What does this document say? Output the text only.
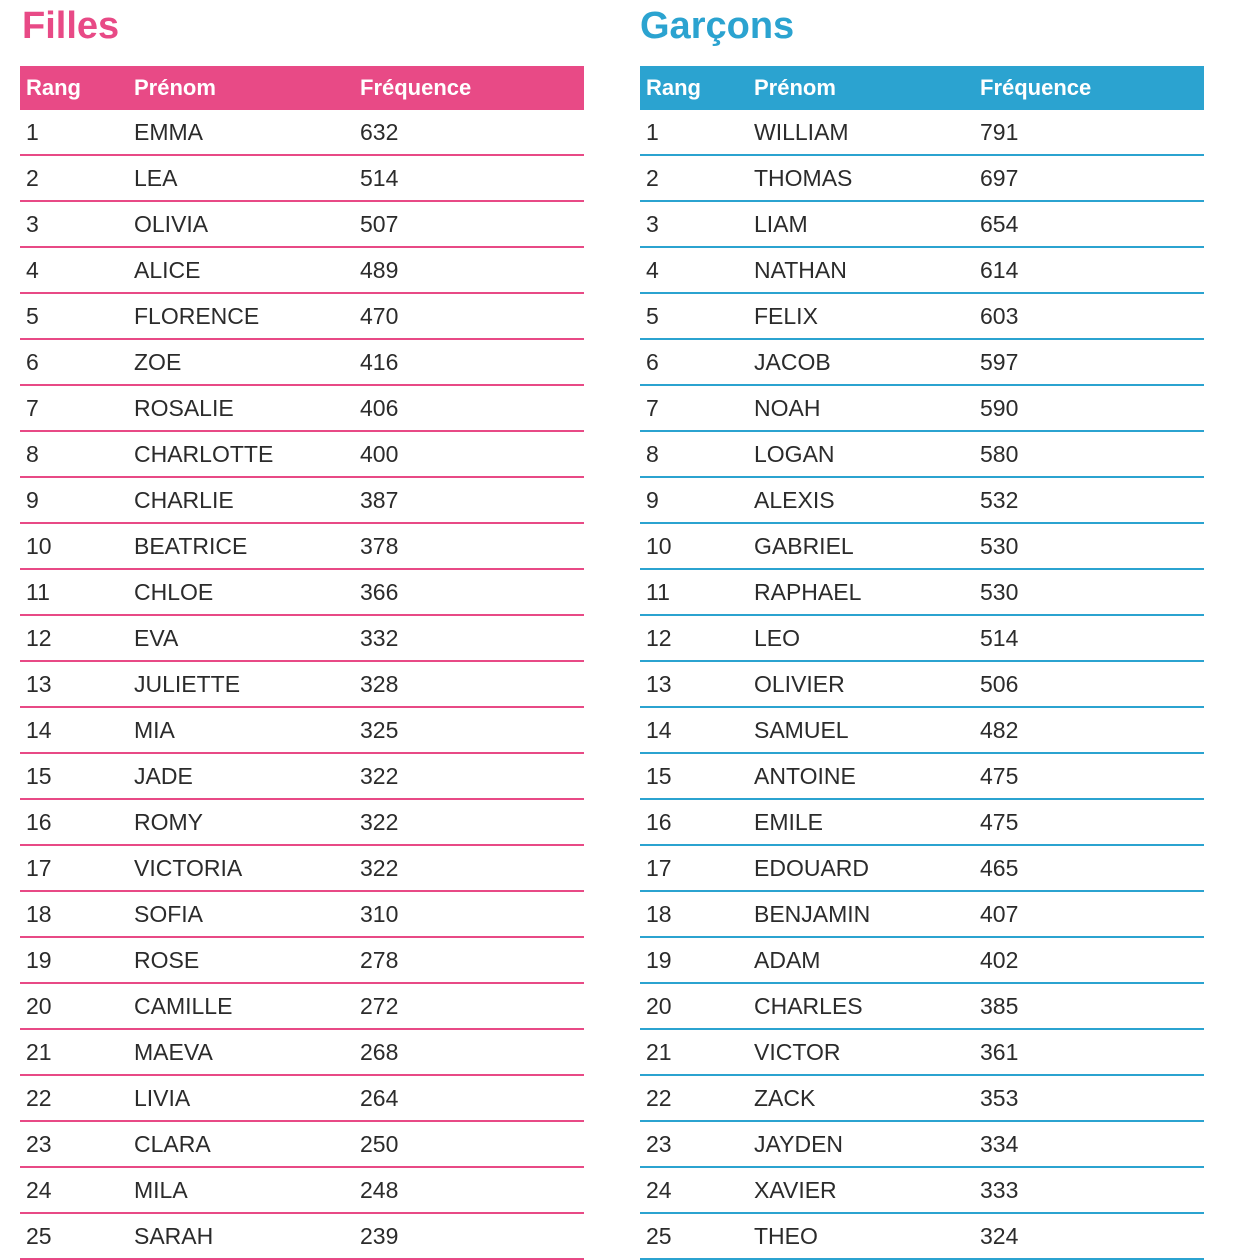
Filles
Rang	Prénom	Fréquence
1	EMMA	632
2	LEA	514
3	OLIVIA	507
4	ALICE	489
5	FLORENCE	470
6	ZOE	416
7	ROSALIE	406
8	CHARLOTTE	400
9	CHARLIE	387
10	BEATRICE	378
11	CHLOE	366
12	EVA	332
13	JULIETTE	328
14	MIA	325
15	JADE	322
16	ROMY	322
17	VICTORIA	322
18	SOFIA	310
19	ROSE	278
20	CAMILLE	272
21	MAEVA	268
22	LIVIA	264
23	CLARA	250
24	MILA	248
25	SARAH	239
Garçons
Rang	Prénom	Fréquence
1	WILLIAM	791
2	THOMAS	697
3	LIAM	654
4	NATHAN	614
5	FELIX	603
6	JACOB	597
7	NOAH	590
8	LOGAN	580
9	ALEXIS	532
10	GABRIEL	530
11	RAPHAEL	530
12	LEO	514
13	OLIVIER	506
14	SAMUEL	482
15	ANTOINE	475
16	EMILE	475
17	EDOUARD	465
18	BENJAMIN	407
19	ADAM	402
20	CHARLES	385
21	VICTOR	361
22	ZACK	353
23	JAYDEN	334
24	XAVIER	333
25	THEO	324
